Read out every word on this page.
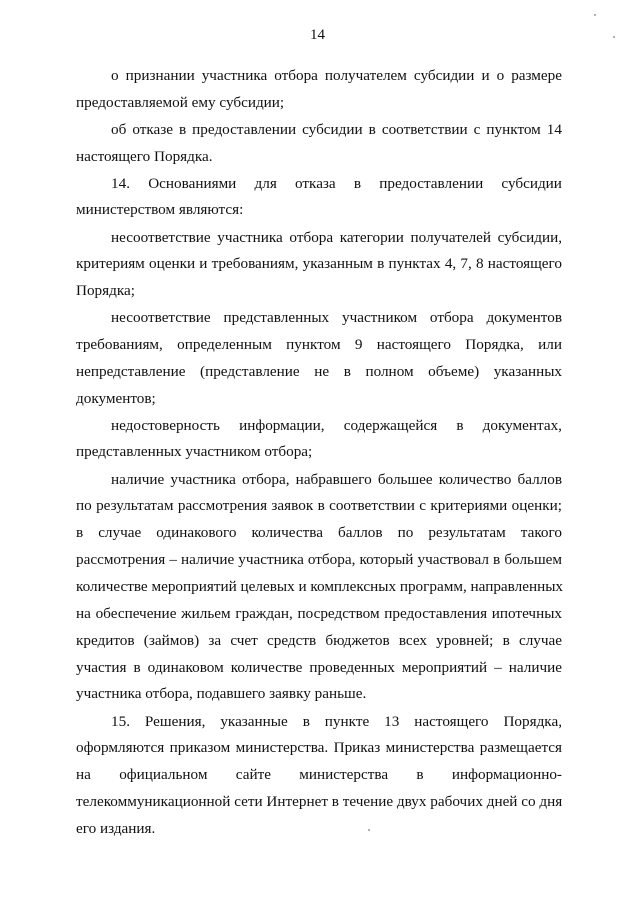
14
о признании участника отбора получателем субсидии и о размере
предоставляемой ему субсидии;
об отказе в предоставлении субсидии в соответствии с пунктом 14
настоящего Порядка.
14. Основаниями для отказа в предоставлении субсидии
министерством являются:
несоответствие участника отбора категории получателей субсидии,
критериям оценки и требованиям, указанным в пунктах 4, 7, 8 настоящего
Порядка;
несоответствие представленных участником отбора документов
требованиям, определенным пунктом 9 настоящего Порядка, или
непредставление (представление не в полном объеме) указанных
документов;
недостоверность информации, содержащейся в документах,
представленных участником отбора;
наличие участника отбора, набравшего большее количество баллов
по результатам рассмотрения заявок в соответствии с критериями оценки;
в случае одинакового количества баллов по результатам такого
рассмотрения – наличие участника отбора, который участвовал в большем
количестве мероприятий целевых и комплексных программ, направленных
на обеспечение жильем граждан, посредством предоставления ипотечных
кредитов (займов) за счет средств бюджетов всех уровней; в случае
участия в одинаковом количестве проведенных мероприятий – наличие
участника отбора, подавшего заявку раньше.
15. Решения, указанные в пункте 13 настоящего Порядка,
оформляются приказом министерства. Приказ министерства размещается
на официальном сайте министерства в информационно-
телекоммуникационной сети Интернет в течение двух рабочих дней со дня
его издания.
